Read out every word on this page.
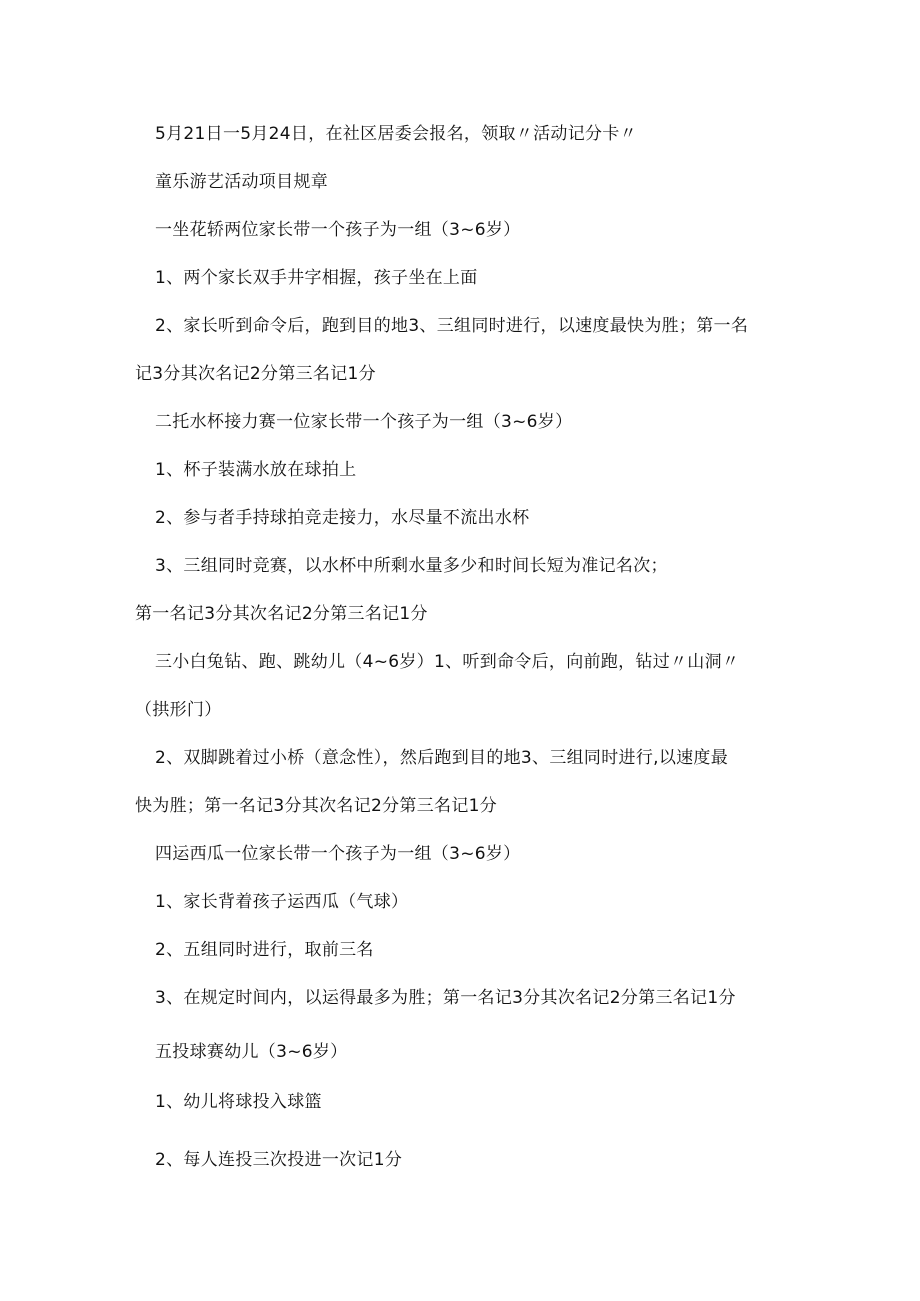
5月21日一5月24日，在社区居委会报名，领取〃活动记分卡〃
童乐游艺活动项目规章
一坐花轿两位家长带一个孩子为一组（3~6岁）
1、两个家长双手井字相握，孩子坐在上面
2、家长听到命令后，跑到目的地3、三组同时进行，以速度最快为胜；第一名
记3分其次名记2分第三名记1分
二托水杯接力赛一位家长带一个孩子为一组（3~6岁）
1、杯子装满水放在球拍上
2、参与者手持球拍竞走接力，水尽量不流出水杯
3、三组同时竞赛，以水杯中所剩水量多少和时间长短为准记名次；
第一名记3分其次名记2分第三名记1分
三小白兔钻、跑、跳幼儿（4~6岁）1、听到命令后，向前跑，钻过〃山洞〃
（拱形门）
2、双脚跳着过小桥（意念性），然后跑到目的地3、三组同时进行,以速度最
快为胜；第一名记3分其次名记2分第三名记1分
四运西瓜一位家长带一个孩子为一组（3~6岁）
1、家长背着孩子运西瓜（气球）
2、五组同时进行，取前三名
3、在规定时间内，以运得最多为胜；第一名记3分其次名记2分第三名记1分
五投球赛幼儿（3~6岁）
1、幼儿将球投入球篮
2、每人连投三次投进一次记1分
